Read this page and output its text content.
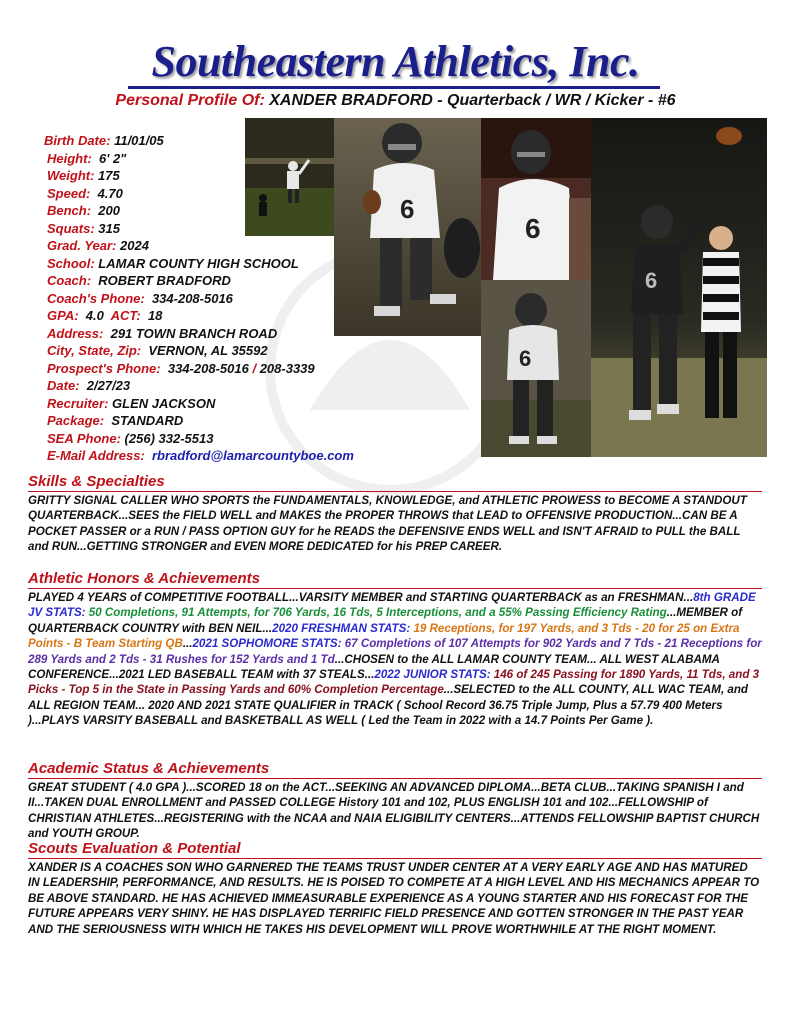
Southeastern Athletics, Inc.
Personal Profile Of: XANDER BRADFORD - Quarterback / WR / Kicker - #6
Birth Date: 11/01/05
Height: 6' 2"
Weight: 175
Speed: 4.70
Bench: 200
Squats: 315
Grad. Year: 2024
School: LAMAR COUNTY HIGH SCHOOL
Coach: ROBERT BRADFORD
Coach's Phone: 334-208-5016
GPA: 4.0 ACT: 18
Address: 291 TOWN BRANCH ROAD
City, State, Zip: VERNON, AL 35592
Prospect's Phone: 334-208-5016 / 208-3339
Date: 2/27/23
Recruiter: GLEN JACKSON
Package: STANDARD
SEA Phone: (256) 332-5513
E-Mail Address: rbradford@lamarcountyboe.com
6
6
6
6
Skills & Specialties
GRITTY SIGNAL CALLER WHO SPORTS the FUNDAMENTALS, KNOWLEDGE, and ATHLETIC PROWESS to BECOME A STANDOUT QUARTERBACK...SEES the FIELD WELL and MAKES the PROPER THROWS that LEAD to OFFENSIVE PRODUCTION...CAN BE A POCKET PASSER or a RUN / PASS OPTION GUY for he READS the DEFENSIVE ENDS WELL and ISN'T AFRAID to PULL the BALL and RUN...GETTING STRONGER and EVEN MORE DEDICATED for his PREP CAREER.
Athletic Honors & Achievements
PLAYED 4 YEARS of COMPETITIVE FOOTBALL...VARSITY MEMBER and STARTING QUARTERBACK as an FRESHMAN...8th GRADE JV STATS: 50 Completions, 91 Attempts, for 706 Yards, 16 Tds, 5 Interceptions, and a 55% Passing Efficiency Rating...MEMBER of QUARTERBACK COUNTRY with BEN NEIL...2020 FRESHMAN STATS: 19 Receptions, for 197 Yards, and 3 Tds - 20 for 25 on Extra Points - B Team Starting QB...2021 SOPHOMORE STATS: 67 Completions of 107 Attempts for 902 Yards and 7 Tds - 21 Receptions for 289 Yards and 2 Tds - 31 Rushes for 152 Yards and 1 Td...CHOSEN to the ALL LAMAR COUNTY TEAM... ALL WEST ALABAMA CONFERENCE...2021 LED BASEBALL TEAM with 37 STEALS...2022 JUNIOR STATS: 146 of 245 Passing for 1890 Yards, 11 Tds, and 3 Picks - Top 5 in the State in Passing Yards and 60% Completion Percentage...SELECTED to the ALL COUNTY, ALL WAC TEAM, and ALL REGION TEAM... 2020 AND 2021 STATE QUALIFIER in TRACK ( School Record 36.75 Triple Jump, Plus a 57.79 400 Meters )...PLAYS VARSITY BASEBALL and BASKETBALL AS WELL ( Led the Team in 2022 with a 14.7 Points Per Game ).
Academic Status & Achievements
GREAT STUDENT ( 4.0 GPA )...SCORED 18 on the ACT...SEEKING AN ADVANCED DIPLOMA...BETA CLUB...TAKING SPANISH I and II...TAKEN DUAL ENROLLMENT and PASSED COLLEGE History 101 and 102, PLUS ENGLISH 101 and 102...FELLOWSHIP of CHRISTIAN ATHLETES...REGISTERING with the NCAA and NAIA ELIGIBILITY CENTERS...ATTENDS FELLOWSHIP BAPTIST CHURCH and YOUTH GROUP.
Scouts Evaluation & Potential
XANDER IS A COACHES SON WHO GARNERED THE TEAMS TRUST UNDER CENTER AT A VERY EARLY AGE AND HAS MATURED IN LEADERSHIP, PERFORMANCE, AND RESULTS. HE IS POISED TO COMPETE AT A HIGH LEVEL AND HIS MECHANICS APPEAR TO BE ABOVE STANDARD. HE HAS ACHIEVED IMMEASURABLE EXPERIENCE AS A YOUNG STARTER AND HIS FORECAST FOR THE FUTURE APPEARS VERY SHINY. HE HAS DISPLAYED TERRIFIC FIELD PRESENCE AND GOTTEN STRONGER IN THE PAST YEAR AND THE SERIOUSNESS WITH WHICH HE TAKES HIS DEVELOPMENT WILL PROVE WORTHWHILE AT THE RIGHT MOMENT.
